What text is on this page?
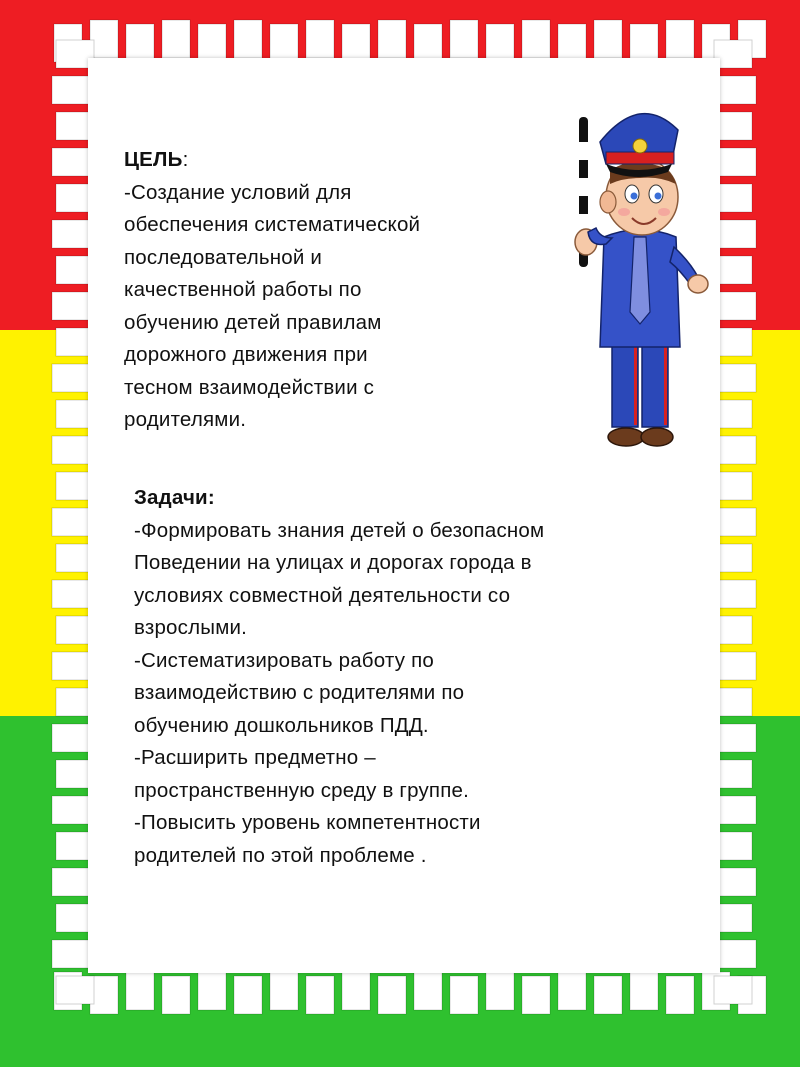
ЦЕЛЬ:
-Создание условий для
обеспечения систематической
последовательной и
качественной работы по
обучению детей правилам
дорожного движения при
тесном взаимодействии с
родителями.
Задачи:
-Формировать знания детей о безопасном
Поведении на улицах и дорогах города в
условиях совместной деятельности со
взрослыми.
-Систематизировать работу по
взаимодействию с родителями по
обучению дошкольников ПДД.
-Расширить предметно –
пространственную среду в группе.
-Повысить уровень компетентности
родителей по этой проблеме .
